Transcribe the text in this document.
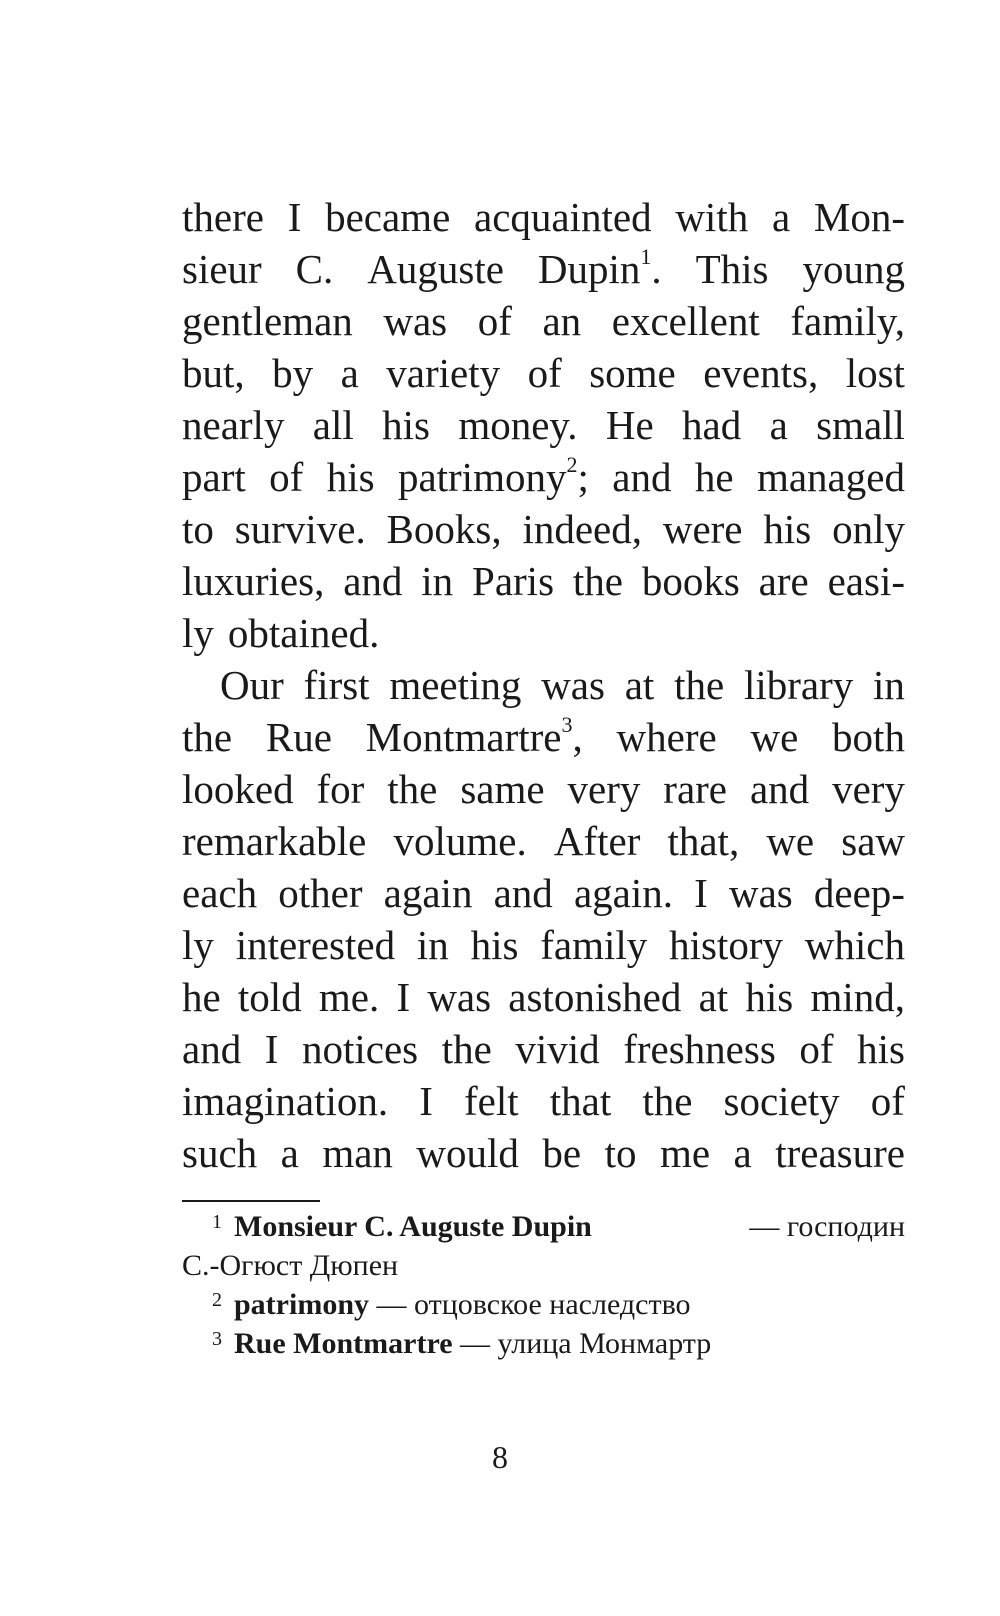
there I became acquainted with a Mon-
sieur C. Auguste Dupin$^1$. This young
gentleman was of an excellent family,
but, by a variety of some events, lost
nearly all his money. He had a small
part of his patrimony$^2$; and he managed
to survive. Books, indeed, were his only
luxuries, and in Paris the books are easi-
ly obtained.
Our first meeting was at the library in
the Rue Montmartre$^3$, where we both
looked for the same very rare and very
remarkable volume. After that, we saw
each other again and again. I was deep-
ly interested in his family history which
he told me. I was astonished at his mind,
and I notices the vivid freshness of his
imagination. I felt that the society of
such a man would be to me a treasure
$^1$ Monsieur C. Auguste Dupin	— господин
С.-Огюст Дюпен
$^2$ patrimony — отцовское наследство
$^3$ Rue Montmartre — улица Монмартр
8
